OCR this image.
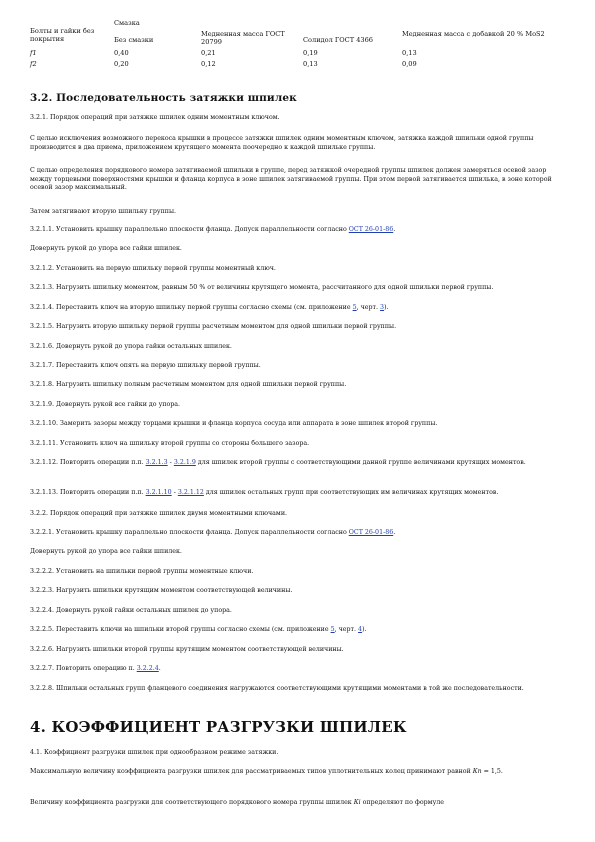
Болты и гайки без покрытия	Смазка			
	Без смазки	Медненная масса ГОСТ 20799	Солидол ГОСТ 4366	Медненная масса с добавкой 20 % MoS2
f1	0,40	0,21	0,19	0,13
f2	0,20	0,12	0,13	0,09
3.2. Последовательность затяжки шпилек
3.2.1. Порядок операций при затяжке шпилек одним моментным ключом.
С целью исключения возможного перекоса крышки в процессе затяжки шпилек одним моментным ключом, затяжка каждой шпильки одной группы производится в два приема, приложением крутящего момента поочередно к каждой шпильке группы.
С целью определения порядкового номера затягиваемой шпильки в группе, перед затяжкой очередной группы шпилек должен замеряться осевой зазор между торцевыми поверхностями крышки и фланца корпуса в зоне шпилек затягиваемой группы. При этом первой затягивается шпилька, в зоне которой осевой зазор максимальный.
Затем затягивают вторую шпильку группы.
3.2.1.1. Установить крышку параллельно плоскости фланца. Допуск параллельности согласно ОСТ 26-01-86.
Довернуть рукой до упора все гайки шпилек.
3.2.1.2. Установить на первую шпильку первой группы моментный ключ.
3.2.1.3. Нагрузить шпильку моментом, равным 50 % от величины крутящего момента, рассчитанного для одной шпильки первой группы.
3.2.1.4. Переставить ключ на вторую шпильку первой группы согласно схемы (см. приложение 5, черт. 3).
3.2.1.5. Нагрузить вторую шпильку первой группы расчетным моментом для одной шпильки первой группы.
3.2.1.6. Довернуть рукой до упора гайки остальных шпилек.
3.2.1.7. Переставить ключ опять на первую шпильку первой группы.
3.2.1.8. Нагрузить шпильку полным расчетным моментом для одной шпильки первой группы.
3.2.1.9. Довернуть рукой все гайки до упора.
3.2.1.10. Замерить зазоры между торцами крышки и фланца корпуса сосуда или аппарата в зоне шпилек второй группы.
3.2.1.11. Установить ключ на шпильку второй группы со стороны большего зазора.
3.2.1.12. Повторить операции п.п. 3.2.1.3 - 3.2.1.9 для шпилек второй группы с соответствующими данной группе величинами крутящих моментов.
3.2.1.13. Повторить операции п.п. 3.2.1.10 - 3.2.1.12 для шпилек остальных групп при соответствующих им величинах крутящих моментов.
3.2.2. Порядок операций при затяжке шпилек двумя моментными ключами.
3.2.2.1. Установить крышку параллельно плоскости фланца. Допуск параллельности согласно ОСТ 26-01-86.
Довернуть рукой до упора все гайки шпилек.
3.2.2.2. Установить на шпильки первой группы моментные ключи.
3.2.2.3. Нагрузить шпильки крутящим моментом соответствующей величины.
3.2.2.4. Довернуть рукой гайки остальных шпилек до упора.
3.2.2.5. Переставить ключи на шпильки второй группы согласно схемы (см. приложение 5, черт. 4).
3.2.2.6. Нагрузить шпильки второй группы крутящим моментом соответствующей величины.
3.2.2.7. Повторить операцию п. 3.2.2.4.
3.2.2.8. Шпильки остальных групп фланцевого соединения нагружаются соответствующими крутящими моментами в той же последовательности.
4. КОЭФФИЦИЕНТ РАЗГРУЗКИ ШПИЛЕК
4.1. Коэффициент разгрузки шпилек при однообразном режиме затяжки.
Максимальную величину коэффициента разгрузки шпилек для рассматриваемых типов уплотнительных колец принимают равной Кп = 1,5.
Величину коэффициента разгрузки для соответствующего порядкового номера группы шпилек Кi определяют по формуле
